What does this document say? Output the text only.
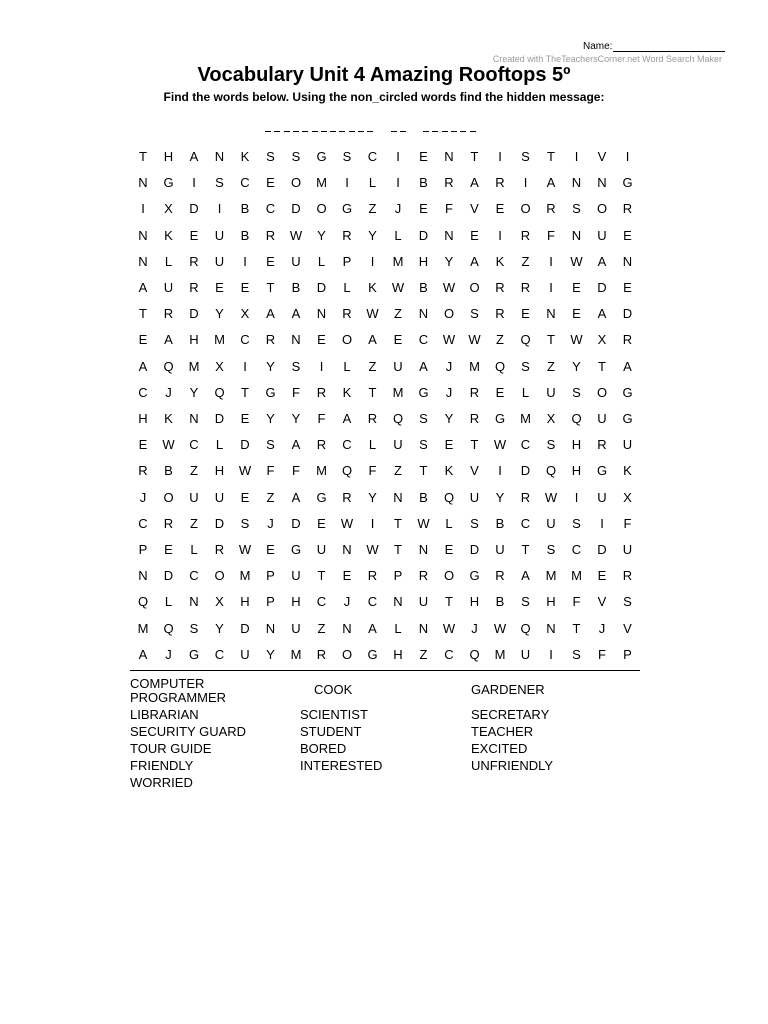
Name:
Created with TheTeachersCorner.net Word Search Maker
Vocabulary Unit 4 Amazing Rooftops 5º
Find the words below. Using the non_circled words find the hidden message:
T	H	A	N	K	S	S	G	S	C	I	E	N	T	I	S	T	I	V	I
N	G	I	S	C	E	O	M	I	L	I	B	R	A	R	I	A	N	N	G
I	X	D	I	B	C	D	O	G	Z	J	E	F	V	E	O	R	S	O	R
N	K	E	U	B	R	W	Y	R	Y	L	D	N	E	I	R	F	N	U	E
N	L	R	U	I	E	U	L	P	I	M	H	Y	A	K	Z	I	W	A	N
A	U	R	E	E	T	B	D	L	K	W	B	W	O	R	R	I	E	D	E
T	R	D	Y	X	A	A	N	R	W	Z	N	O	S	R	E	N	E	A	D
E	A	H	M	C	R	N	E	O	A	E	C	W	W	Z	Q	T	W	X	R
A	Q	M	X	I	Y	S	I	L	Z	U	A	J	M	Q	S	Z	Y	T	A
C	J	Y	Q	T	G	F	R	K	T	M	G	J	R	E	L	U	S	O	G
H	K	N	D	E	Y	Y	F	A	R	Q	S	Y	R	G	M	X	Q	U	G
E	W	C	L	D	S	A	R	C	L	U	S	E	T	W	C	S	H	R	U
R	B	Z	H	W	F	F	M	Q	F	Z	T	K	V	I	D	Q	H	G	K
J	O	U	U	E	Z	A	G	R	Y	N	B	Q	U	Y	R	W	I	U	X
C	R	Z	D	S	J	D	E	W	I	T	W	L	S	B	C	U	S	I	F
P	E	L	R	W	E	G	U	N	W	T	N	E	D	U	T	S	C	D	U
N	D	C	O	M	P	U	T	E	R	P	R	O	G	R	A	M	M	E	R
Q	L	N	X	H	P	H	C	J	C	N	U	T	H	B	S	H	F	V	S
M	Q	S	Y	D	N	U	Z	N	A	L	N	W	J	W	Q	N	T	J	V
A	J	G	C	U	Y	M	R	O	G	H	Z	C	Q	M	U	I	S	F	P
COMPUTER
PROGRAMMER
LIBRARIAN
SECURITY GUARD
TOUR GUIDE
FRIENDLY
WORRIED
COOK
SCIENTIST
STUDENT
BORED
INTERESTED
GARDENER
SECRETARY
TEACHER
EXCITED
UNFRIENDLY
